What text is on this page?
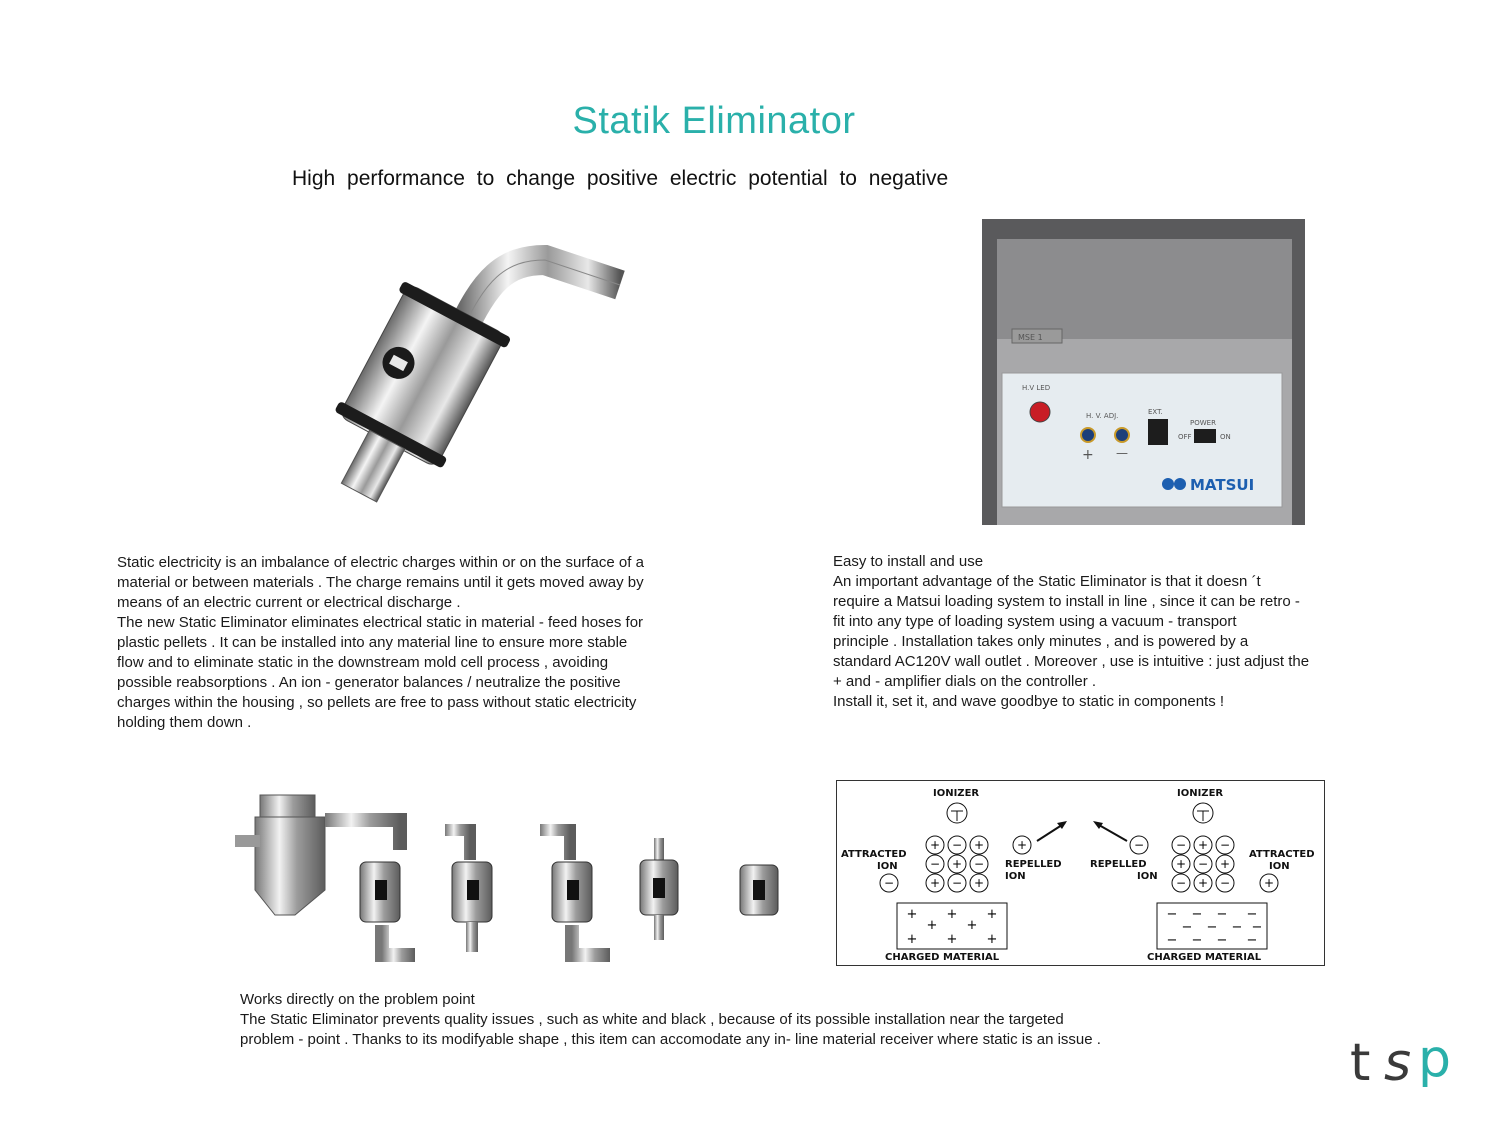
Statik Eliminator
High performance to change positive electric potential to negative
MSE 1
H.V LED
H. V. ADJ.
+ —
EXT.
POWER
OFF	ON
MATSUI

Static electricity is an imbalance of electric charges within or on the surface of a

material or between materials . The charge remains until it gets moved away by

means of an electric current or electrical discharge .

The new Static Eliminator eliminates electrical static in material - feed hoses for

plastic pellets . It can be installed into any material line to ensure more stable

flow and to eliminate static in the downstream mold cell process , avoiding

possible reabsorptions . An ion - generator balances / neutralize the positive

charges within the housing , so pellets are free to pass without static electricity

holding them down .

Easy to install and use

An important advantage of the Static Eliminator is that it doesn ´t

require a Matsui loading system to install in line , since it can be retro -

fit into any type of loading system using a vacuum - transport

principle . Installation takes only minutes , and is powered by a

standard AC120V wall outlet . Moreover , use is intuitive : just adjust the

+ and - amplifier dials on the controller .

Install it, set it, and wave goodbye to static in components !

IONIZER
ATTRACTED
ION	REPELLED
ION
+ − +
− + −
+ − +
−
+
+ + +
+ +
+ + +
CHARGED MATERIAL
IONIZER
ATTRACTED
ION
REPELLED
ION
−	− + −
+ − +
− + −	+
− − − −
− − − −
− − − −
CHARGED MATERIAL

Works directly on the problem point

The Static Eliminator prevents quality issues , such as white and black , because of its possible installation near the targeted

problem - point . Thanks to its modifyable shape , this item can accomodate any in- line material receiver where static is an issue .	t s p
